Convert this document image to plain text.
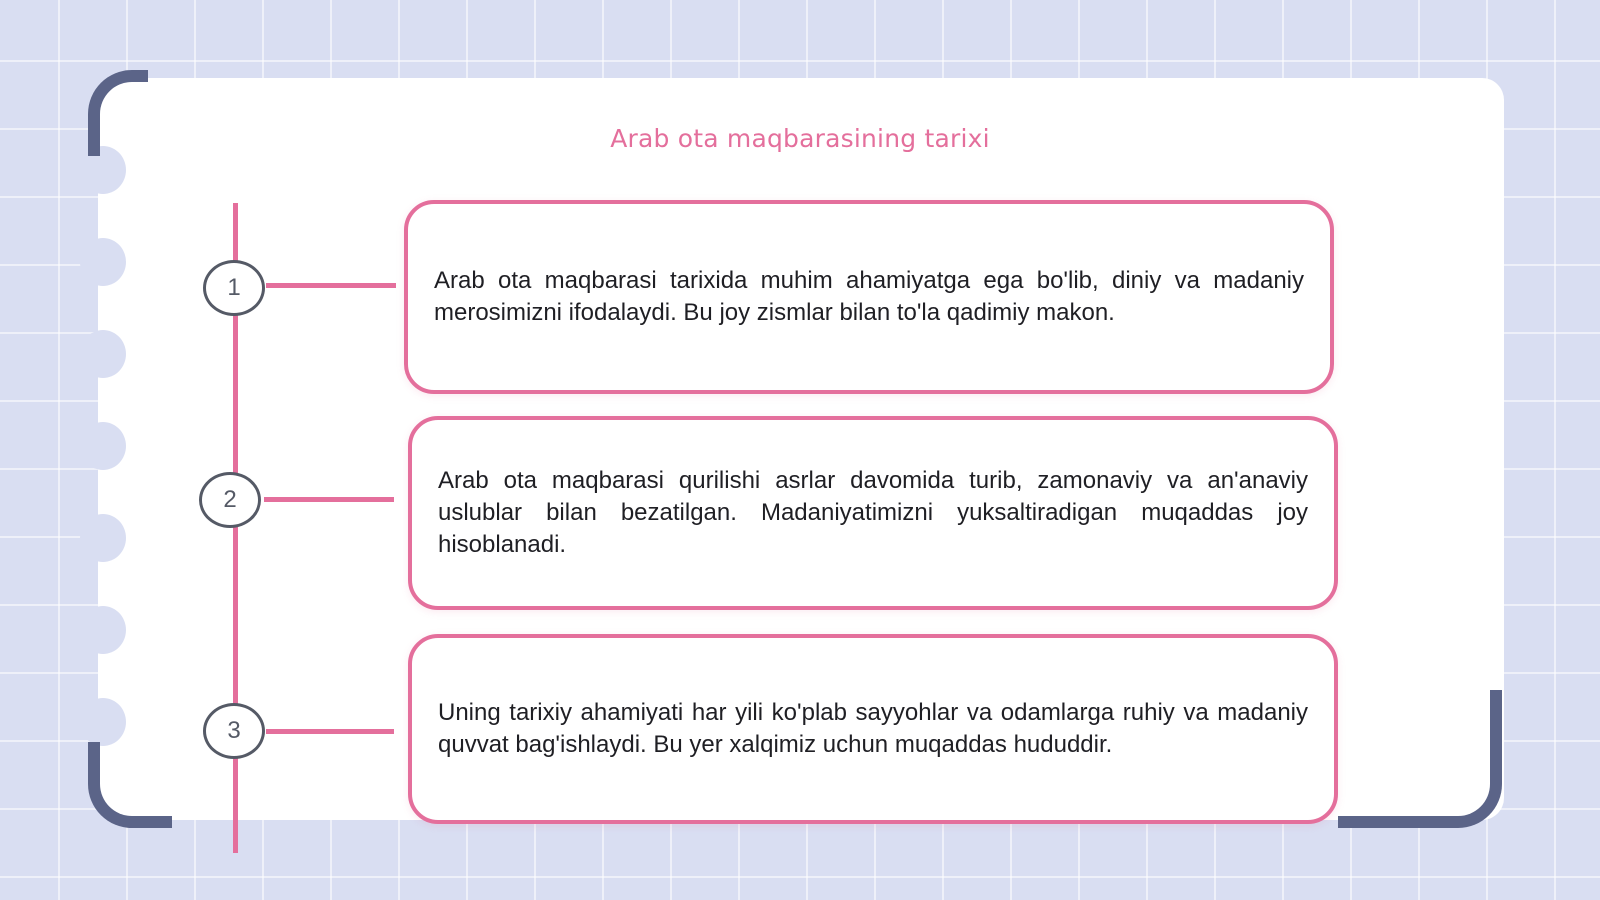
Arab ota maqbarasining tarixi
1
2
3

Arab ota maqbarasi tarixida muhim ahamiyatga ega bo'lib, diniy va madaniy merosimizni ifodalaydi. Bu joy zismlar bilan to'la qadimiy makon.

Arab ota maqbarasi qurilishi asrlar davomida turib, zamonaviy va an'anaviy uslublar bilan bezatilgan. Madaniyatimizni yuksaltiradigan muqaddas joy hisoblanadi.

Uning tarixiy ahamiyati har yili ko'plab sayyohlar va odamlarga ruhiy va madaniy quvvat bag'ishlaydi. Bu yer xalqimiz uchun muqaddas hududdir.
